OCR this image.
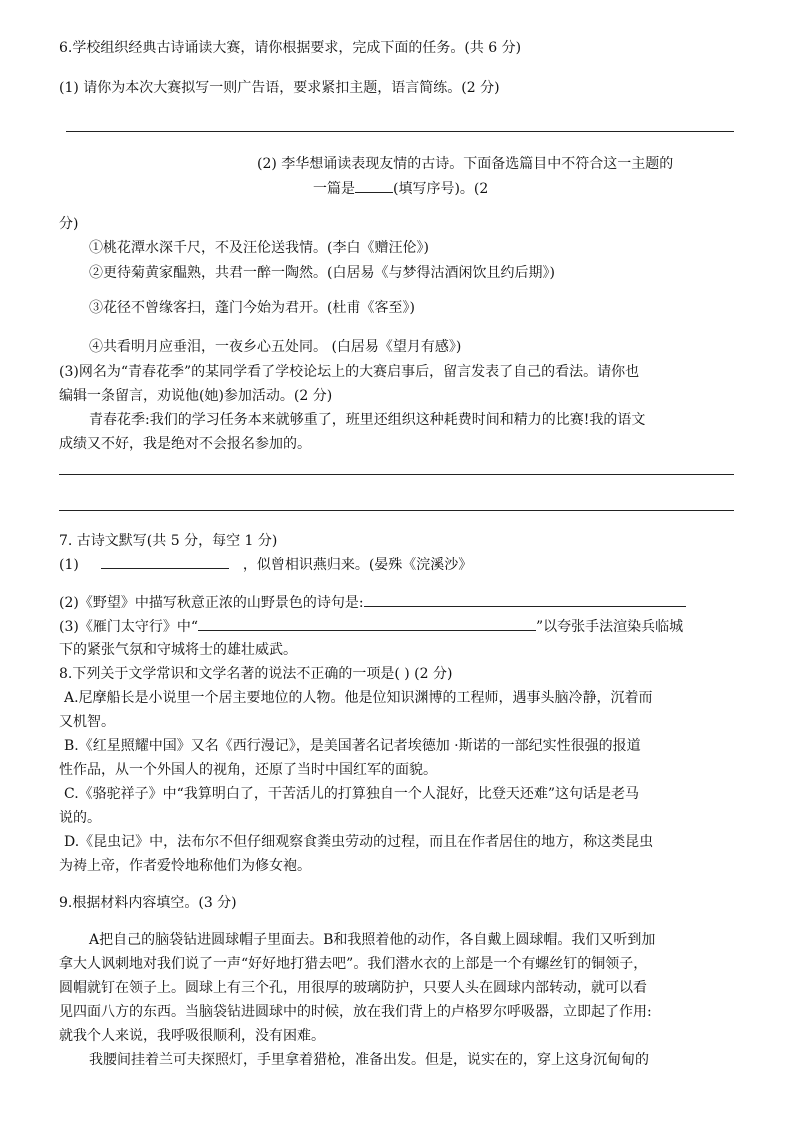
6.学校组织经典古诗诵读大赛，请你根据要求，完成下面的任务。(共 6 分)
(1) 请你为本次大赛拟写一则广告语，要求紧扣主题，语言简练。(2 分)
(2) 李华想诵读表现友情的古诗。下面备选篇目中不符合这一主题的
一篇是	(填写序号)。(2
分)
①桃花潭水深千尺，不及汪伦送我情。(李白《赠汪伦》)
②更待菊黄家醖熟，共君一醉一陶然。(白居易《与梦得沽酒闲饮且约后期》)
③花径不曾缘客扫，蓬门今始为君开。(杜甫《客至》)
④共看明月应垂泪，一夜乡心五处同。 (白居易《望月有感》)
(3)网名为“青春花季”的某同学看了学校论坛上的大赛启事后，留言发表了自己的看法。请你也
编辑一条留言，劝说他(她)参加活动。(2 分)
青春花季:我们的学习任务本来就够重了，班里还组织这种耗费时间和精力的比赛!我的语文
成绩又不好，我是绝对不会报名参加的。
7. 古诗文默写(共 5 分，每空 1 分)
(1)	，似曾相识燕归来。(晏殊《浣溪沙》
(2)《野望》中描写秋意正浓的山野景色的诗句是:
(3)《雁门太守行》中“	”以夸张手法渲染兵临城
下的紧张气氛和守城将士的雄壮威武。
8.下列关于文学常识和文学名著的说法不正确的一项是( ) (2 分)
A.尼摩船长是小说里一个居主要地位的人物。他是位知识渊博的工程师，遇事头脑冷静，沉着而
又机智。
B.《红星照耀中国》又名《西行漫记》，是美国著名记者埃德加 ·斯诺的一部纪实性很强的报道
性作品，从一个外国人的视角，还原了当时中国红军的面貌。
C.《骆驼祥子》中“我算明白了，干苦活儿的打算独自一个人混好，比登天还难”这句话是老马
说的。
D.《昆虫记》中，法布尔不但仔细观察食粪虫劳动的过程，而且在作者居住的地方，称这类昆虫
为祷上帝，作者爱怜地称他们为修女袍。
9.根据材料内容填空。(3 分)
A把自己的脑袋钻进圆球帽子里面去。B和我照着他的动作，各自戴上圆球帽。我们又听到加
拿大人讽刺地对我们说了一声“好好地打猎去吧”。我们潜水衣的上部是一个有螺丝钉的铜领子，
圆帽就钉在领子上。圆球上有三个孔，用很厚的玻璃防护，只要人头在圆球内部转动，就可以看
见四面八方的东西。当脑袋钻进圆球中的时候，放在我们背上的卢格罗尔呼吸器，立即起了作用:
就我个人来说，我呼吸很顺利，没有困难。
我腰间挂着兰可夫探照灯，手里拿着猎枪，准备出发。但是，说实在的，穿上这身沉甸甸的
